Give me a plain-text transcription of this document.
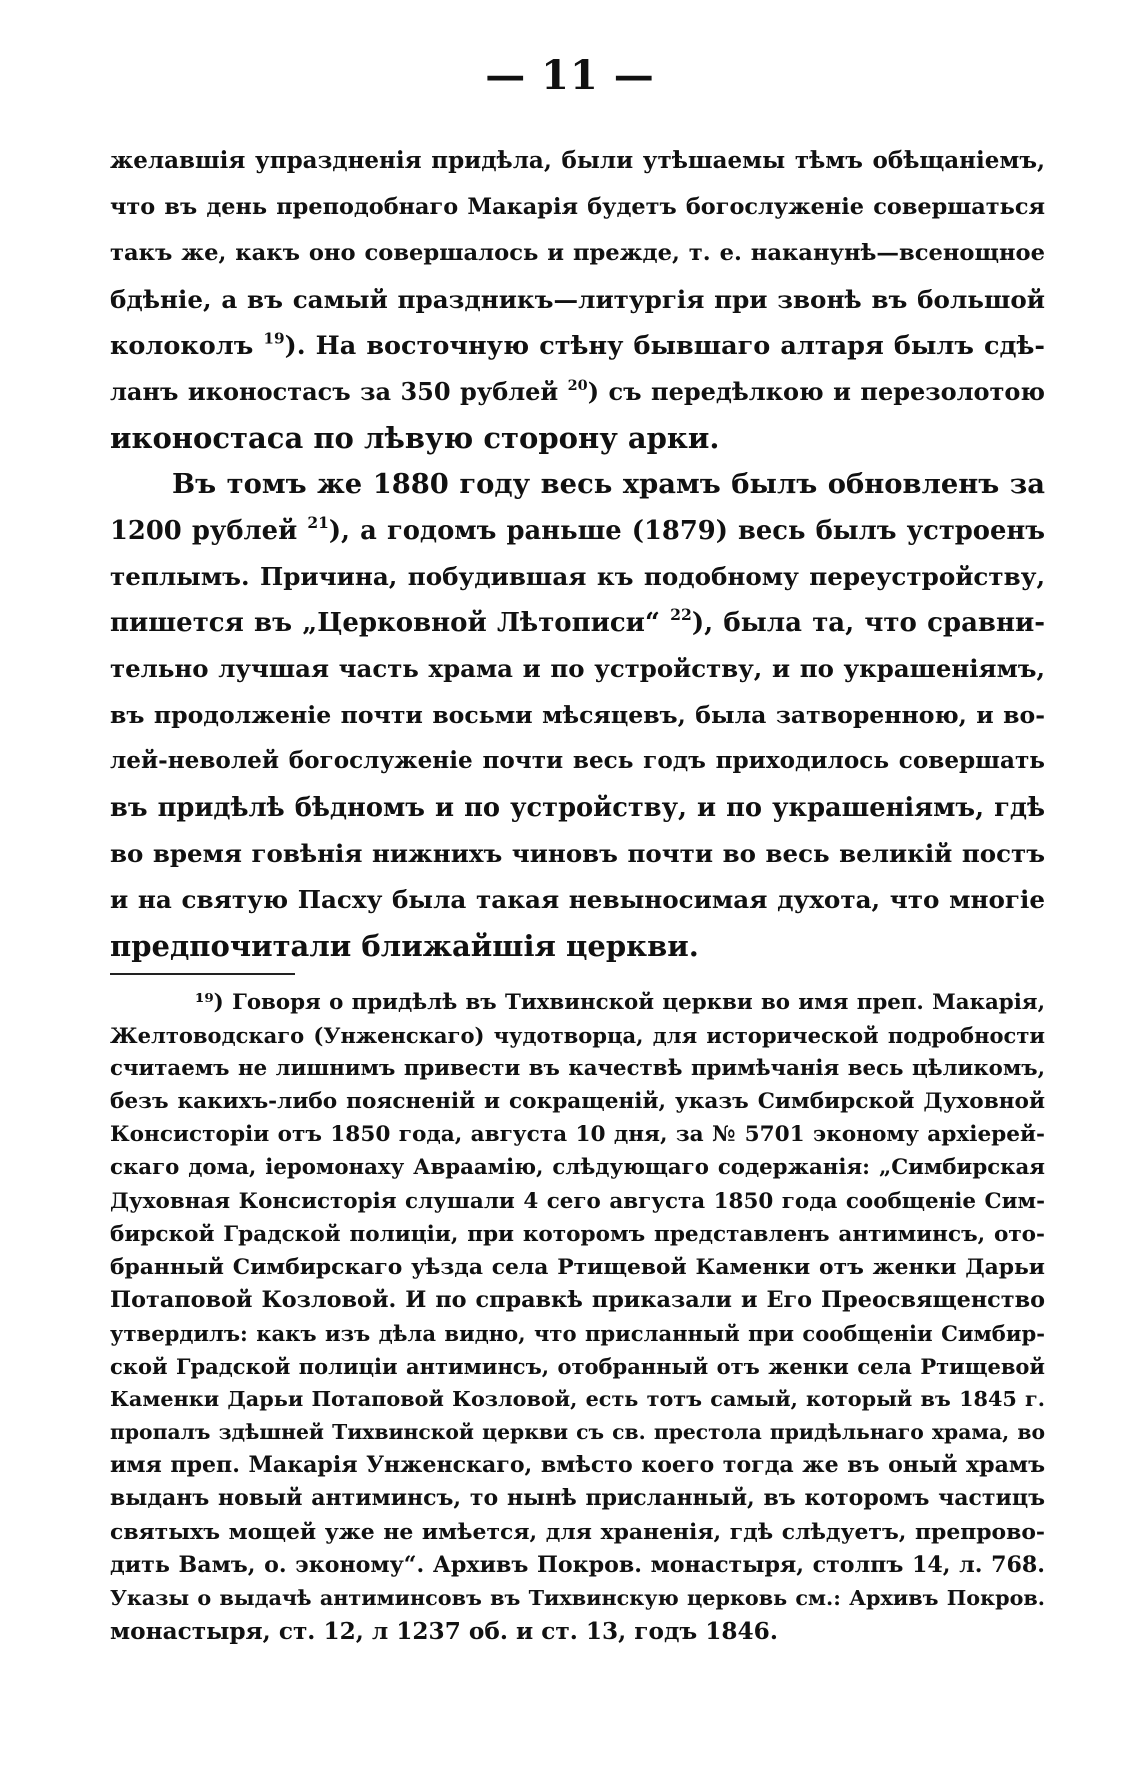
— 11 —
желавшія упраздненія придѣла, были утѣшаемы тѣмъ обѣщаніемъ,
что въ день преподобнаго Макарія будетъ богослуженіе совершаться
такъ же, какъ оно совершалось и прежде, т. е. наканунѣ—всенощное
бдѣніе, а въ самый праздникъ—литургія при звонѣ въ большой
колоколъ $^{19}$). На восточную стѣну бывшаго алтаря былъ сдѣ-
ланъ иконостасъ за 350 рублей $^{20}$) съ передѣлкою и перезолотою
иконостаса по лѣвую сторону арки.
Въ томъ же 1880 году весь храмъ былъ обновленъ за
1200 рублей $^{21}$), а годомъ раньше (1879) весь былъ устроенъ
теплымъ. Причина, побудившая къ подобному переустройству,
пишется въ „Церковной Лѣтописи“ $^{22}$), была та, что сравни-
тельно лучшая часть храма и по устройству, и по украшеніямъ,
въ продолженіе почти восьми мѣсяцевъ, была затворенною, и во-
лей-неволей богослуженіе почти весь годъ приходилось совершать
въ придѣлѣ бѣдномъ и по устройству, и по украшеніямъ, гдѣ
во время говѣнія нижнихъ чиновъ почти во весь великій постъ
и на святую Пасху была такая невыносимая духота, что многіе
предпочитали ближайшія церкви.
¹⁹) Говоря о придѣлѣ въ Тихвинской церкви во имя преп. Макарія,
Желтоводскаго (Унженскаго) чудотворца, для исторической подробности
считаемъ не лишнимъ привести въ качествѣ примѣчанія весь цѣликомъ,
безъ какихъ-либо поясненій и сокращеній, указъ Симбирской Духовной
Консисторіи отъ 1850 года, августа 10 дня, за № 5701 эконому архіерей-
скаго дома, іеромонаху Авраамію, слѣдующаго содержанія: „Симбирская
Духовная Консисторія слушали 4 сего августа 1850 года сообщеніе Сим-
бирской Градской полиціи, при которомъ представленъ антиминсъ, ото-
бранный Симбирскаго уѣзда села Ртищевой Каменки отъ женки Дарьи
Потаповой Козловой. И по справкѣ приказали и Его Преосвященство
утвердилъ: какъ изъ дѣла видно, что присланный при сообщеніи Симбир-
ской Градской полиціи антиминсъ, отобранный отъ женки села Ртищевой
Каменки Дарьи Потаповой Козловой, есть тотъ самый, который въ 1845 г.
пропалъ здѣшней Тихвинской церкви съ св. престола придѣльнаго храма, во
имя преп. Макарія Унженскаго, вмѣсто коего тогда же въ оный храмъ
выданъ новый антиминсъ, то нынѣ присланный, въ которомъ частицъ
святыхъ мощей уже не имѣется, для храненія, гдѣ слѣдуетъ, препрово-
дить Вамъ, о. эконому“. Архивъ Покров. монастыря, столпъ 14, л. 768.
Указы о выдачѣ антиминсовъ въ Тихвинскую церковь см.: Архивъ Покров.
монастыря, ст. 12, л 1237 об. и ст. 13, годъ 1846.
